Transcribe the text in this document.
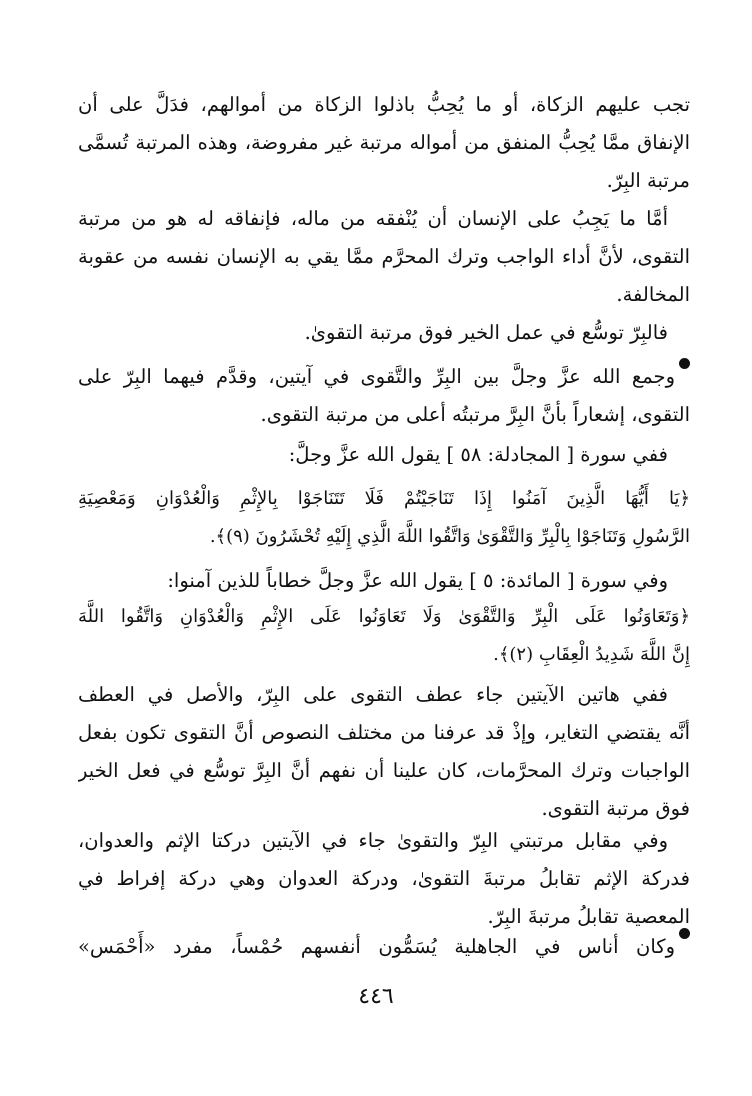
تجب عليهم الزكاة، أو ما يُحِبُّ باذلوا الزكاة من أموالهم، فدَلَّ على أن
الإنفاق ممَّا يُحِبُّ المنفق من أمواله مرتبة غير مفروضة، وهذه المرتبة تُسمَّى
مرتبة البِرّ.
أمَّا ما يَجِبُ على الإنسان أن يُنْفقه من ماله، فإنفاقه له هو من مرتبة
التقوى، لأنَّ أداء الواجب وترك المحرَّم ممَّا يقي به الإنسان نفسه من عقوبة
المخالفة.
فالبِرّ توسُّع في عمل الخير فوق مرتبة التقوىٰ.
وجمع الله عزَّ وجلَّ بين البِرِّ والتَّقوى في آيتين، وقدَّم فيهما البِرّ على
التقوى، إشعاراً بأنَّ البِرَّ مرتبتُه أعلى من مرتبة التقوى.
ففي سورة [ المجادلة: ٥٨ ] يقول الله عزَّ وجلَّ:
﴿يَا أَيُّهَا الَّذِينَ آمَنُوا إِذَا تَنَاجَيْتُمْ فَلَا تَتَنَاجَوْا بِالإِثْمِ وَالْعُدْوَانِ وَمَعْصِيَةِ
الرَّسُولِ وَتَنَاجَوْا بِالْبِرِّ وَالتَّقْوَىٰ وَاتَّقُوا اللَّهَ الَّذِي إِلَيْهِ تُحْشَرُونَ (٩)﴾.
وفي سورة [ المائدة: ٥ ] يقول الله عزَّ وجلَّ خطاباً للذين آمنوا:
﴿وَتَعَاوَنُوا عَلَى الْبِرِّ وَالتَّقْوَىٰ وَلَا تَعَاوَنُوا عَلَى الإِثْمِ وَالْعُدْوَانِ وَاتَّقُوا اللَّهَ
إِنَّ اللَّهَ شَدِيدُ الْعِقَابِ (٢)﴾.
ففي هاتين الآيتين جاء عطف التقوى على البِرّ، والأصل في العطف
أنَّه يقتضي التغاير، وإذْ قد عرفنا من مختلف النصوص أنَّ التقوى تكون بفعل
الواجبات وترك المحرَّمات، كان علينا أن نفهم أنَّ البِرَّ توسُّع في فعل الخير
فوق مرتبة التقوى.
وفي مقابل مرتبتي البِرّ والتقوىٰ جاء في الآيتين دركتا الإثم والعدوان،
فدركة الإثم تقابلُ مرتبةَ التقوىٰ، ودركة العدوان وهي دركة إفراط في
المعصية تقابلُ مرتبةَ البِرّ.
وكان أناس في الجاهلية يُسَمُّون أنفسهم حُمْساً، مفرد «أَحْمَس»
٤٤٦
